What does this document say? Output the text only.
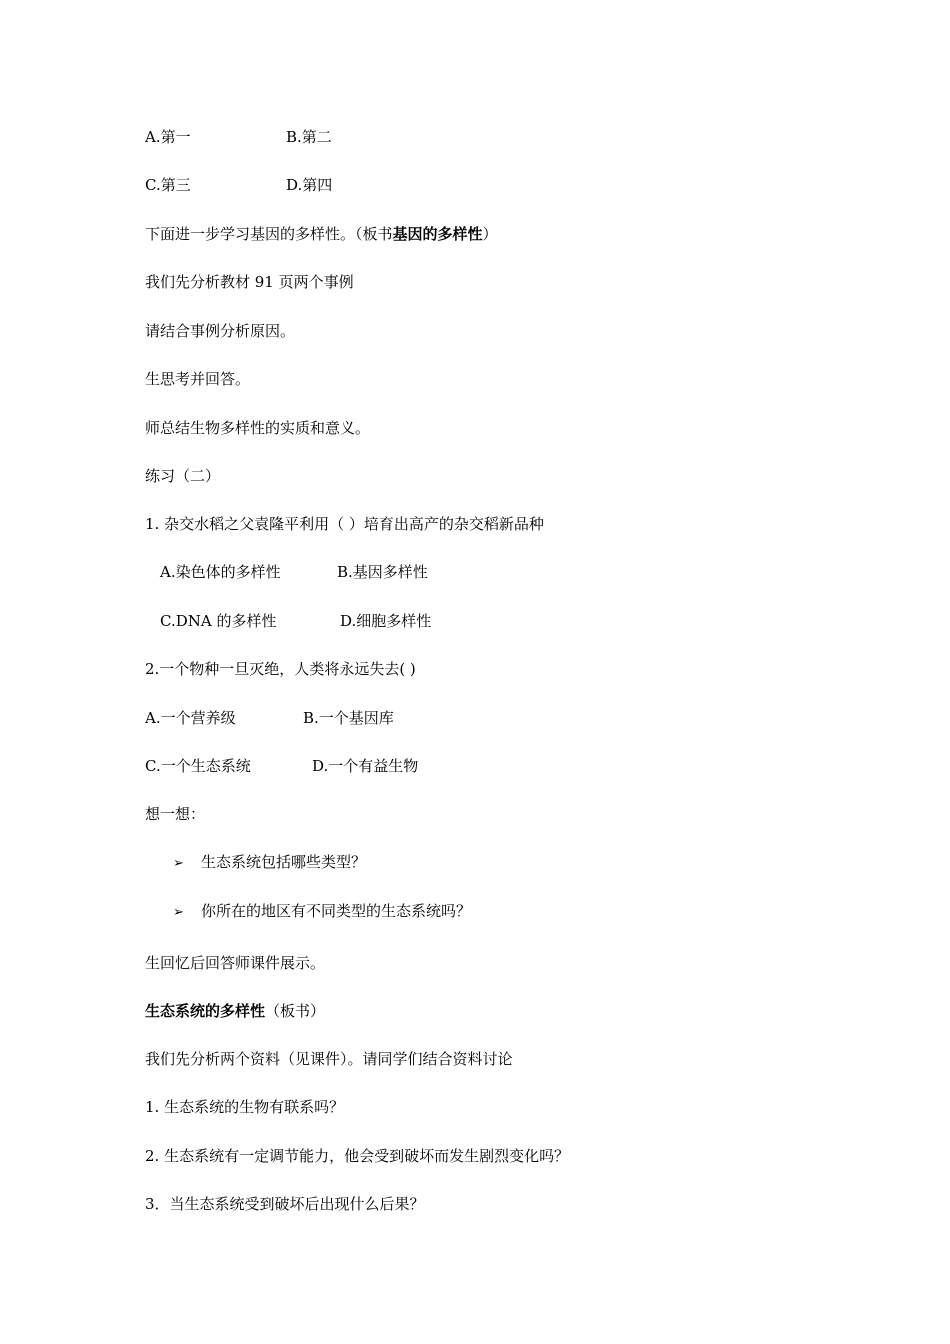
A.第一	B.第二
C.第三	D.第四
下面进一步学习基因的多样性。（板书基因的多样性）
我们先分析教材 91 页两个事例
请结合事例分析原因。
生思考并回答。
师总结生物多样性的实质和意义。
练习（二）
1. 杂交水稻之父袁隆平利用（ ）培育出高产的杂交稻新品种
A.染色体的多样性	B.基因多样性
C.DNA 的多样性	D.细胞多样性
2.一个物种一旦灭绝，人类将永远失去( )
A.一个营养级	B.一个基因库
C.一个生态系统	D.一个有益生物
想一想：
➢ 生态系统包括哪些类型？
➢ 你所在的地区有不同类型的生态系统吗？
生回忆后回答师课件展示。
生态系统的多样性（板书）
我们先分析两个资料（见课件）。请同学们结合资料讨论
1. 生态系统的生物有联系吗？
2. 生态系统有一定调节能力，他会受到破坏而发生剧烈变化吗？
3．当生态系统受到破坏后出现什么后果？
